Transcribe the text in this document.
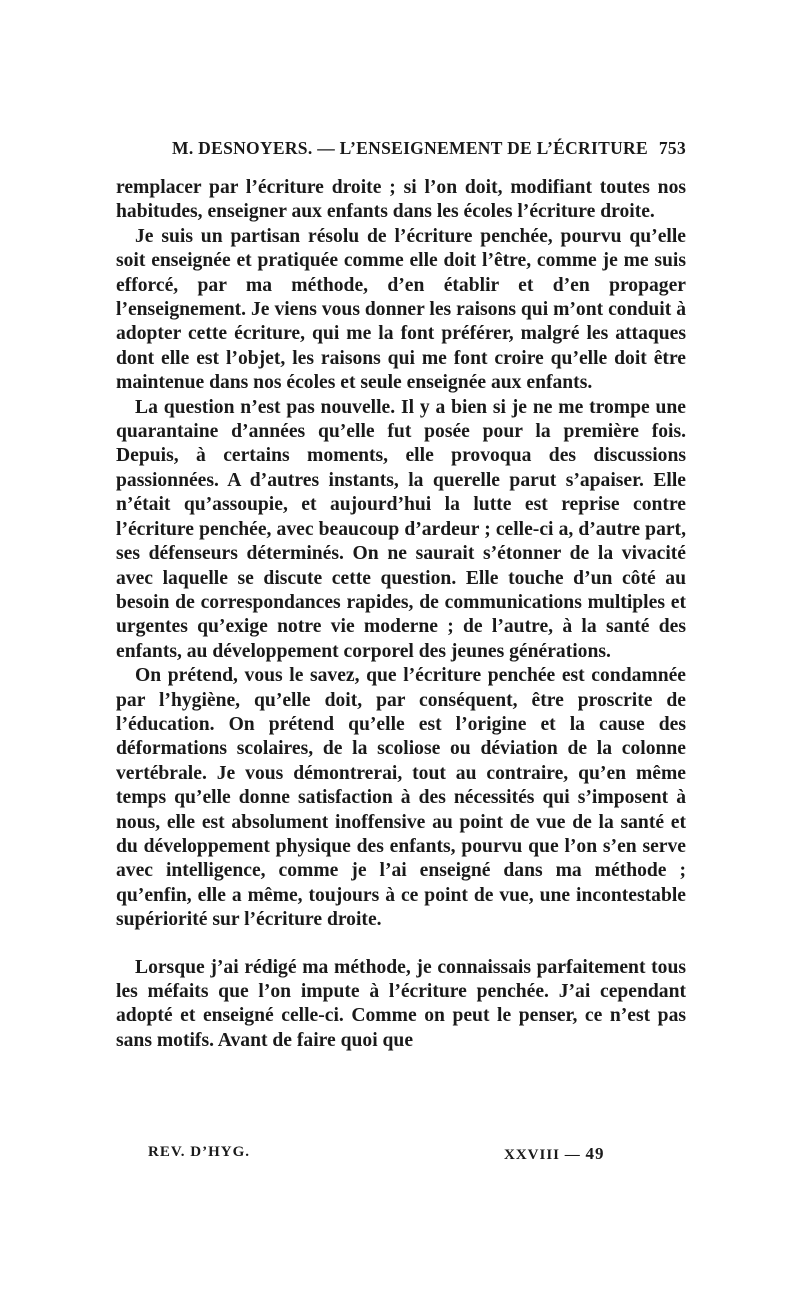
M. DESNOYERS. — L’ENSEIGNEMENT DE L’ÉCRITURE 753

remplacer par l’écriture droite ; si l’on doit, modifiant toutes nos habitudes, enseigner aux enfants dans les écoles l’écriture droite.

Je suis un partisan résolu de l’écriture penchée, pourvu qu’elle soit enseignée et pratiquée comme elle doit l’être, comme je me suis efforcé, par ma méthode, d’en établir et d’en propager l’enseignement. Je viens vous donner les raisons qui m’ont conduit à adopter cette écriture, qui me la font préférer, malgré les attaques dont elle est l’objet, les raisons qui me font croire qu’elle doit être maintenue dans nos écoles et seule enseignée aux enfants.

La question n’est pas nouvelle. Il y a bien si je ne me trompe une quarantaine d’années qu’elle fut posée pour la première fois. Depuis, à certains moments, elle provoqua des discussions passionnées. A d’autres instants, la querelle parut s’apaiser. Elle n’était qu’assoupie, et aujourd’hui la lutte est reprise contre l’écriture penchée, avec beaucoup d’ardeur ; celle-ci a, d’autre part, ses défenseurs déterminés. On ne saurait s’étonner de la vivacité avec laquelle se discute cette question. Elle touche d’un côté au besoin de correspondances rapides, de communications multiples et urgentes qu’exige notre vie moderne ; de l’autre, à la santé des enfants, au développement corporel des jeunes générations.

On prétend, vous le savez, que l’écriture penchée est condamnée par l’hygiène, qu’elle doit, par conséquent, être proscrite de l’éducation. On prétend qu’elle est l’origine et la cause des déformations scolaires, de la scoliose ou déviation de la colonne vertébrale. Je vous démontrerai, tout au contraire, qu’en même temps qu’elle donne satisfaction à des nécessités qui s’imposent à nous, elle est absolument inoffensive au point de vue de la santé et du développement physique des enfants, pourvu que l’on s’en serve avec intelligence, comme je l’ai enseigné dans ma méthode ; qu’enfin, elle a même, toujours à ce point de vue, une incontestable supériorité sur l’écriture droite.

Lorsque j’ai rédigé ma méthode, je connaissais parfaitement tous les méfaits que l’on impute à l’écriture penchée. J’ai cependant adopté et enseigné celle-ci. Comme on peut le penser, ce n’est pas sans motifs. Avant de faire quoi que

REV. D’HYG.	XXVIII — 49
